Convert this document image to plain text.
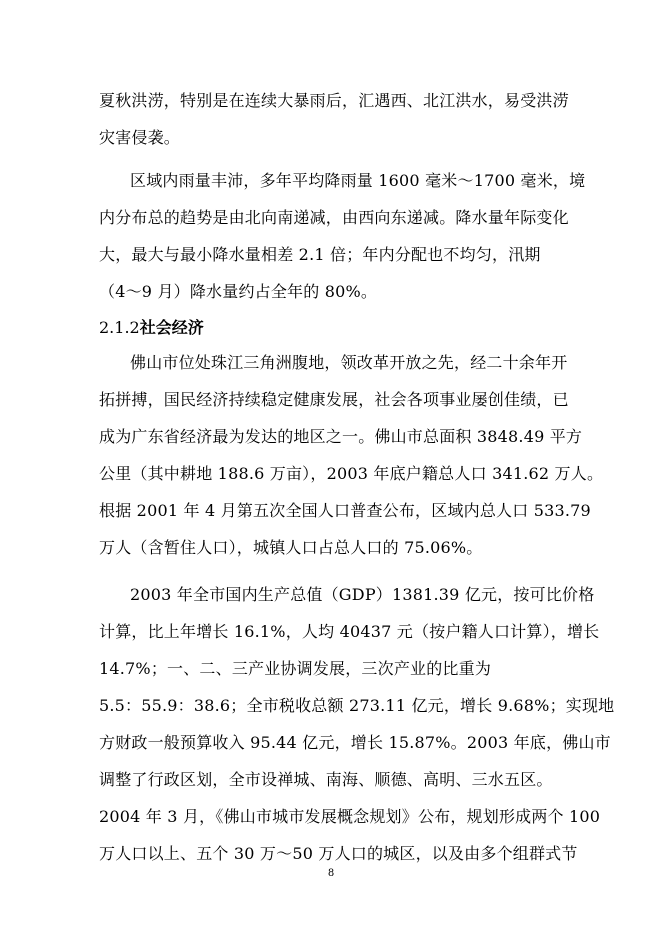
夏秋洪涝，特别是在连续大暴雨后，汇遇西、北江洪水，易受洪涝
灾害侵袭。
区域内雨量丰沛，多年平均降雨量 1600 毫米～1700 毫米，境
内分布总的趋势是由北向南递减，由西向东递减。降水量年际变化
大，最大与最小降水量相差 2.1 倍；年内分配也不均匀，汛期
（4～9 月）降水量约占全年的 80%。
2.1.2社会经济
佛山市位处珠江三角洲腹地，领改革开放之先，经二十余年开
拓拼搏，国民经济持续稳定健康发展，社会各项事业屡创佳绩，已
成为广东省经济最为发达的地区之一。佛山市总面积 3848.49 平方
公里（其中耕地 188.6 万亩），2003 年底户籍总人口 341.62 万人。
根据 2001 年 4 月第五次全国人口普查公布，区域内总人口 533.79
万人（含暂住人口），城镇人口占总人口的 75.06%。
2003 年全市国内生产总值（GDP）1381.39 亿元，按可比价格
计算，比上年增长 16.1%，人均 40437 元（按户籍人口计算），增长
14.7%；一、二、三产业协调发展，三次产业的比重为
5.5：55.9：38.6；全市税收总额 273.11 亿元，增长 9.68%；实现地
方财政一般预算收入 95.44 亿元，增长 15.87%。2003 年底，佛山市
调整了行政区划，全市设禅城、南海、顺德、高明、三水五区。
2004 年 3 月，《佛山市城市发展概念规划》公布，规划形成两个 100
万人口以上、五个 30 万～50 万人口的城区，以及由多个组群式节
8
